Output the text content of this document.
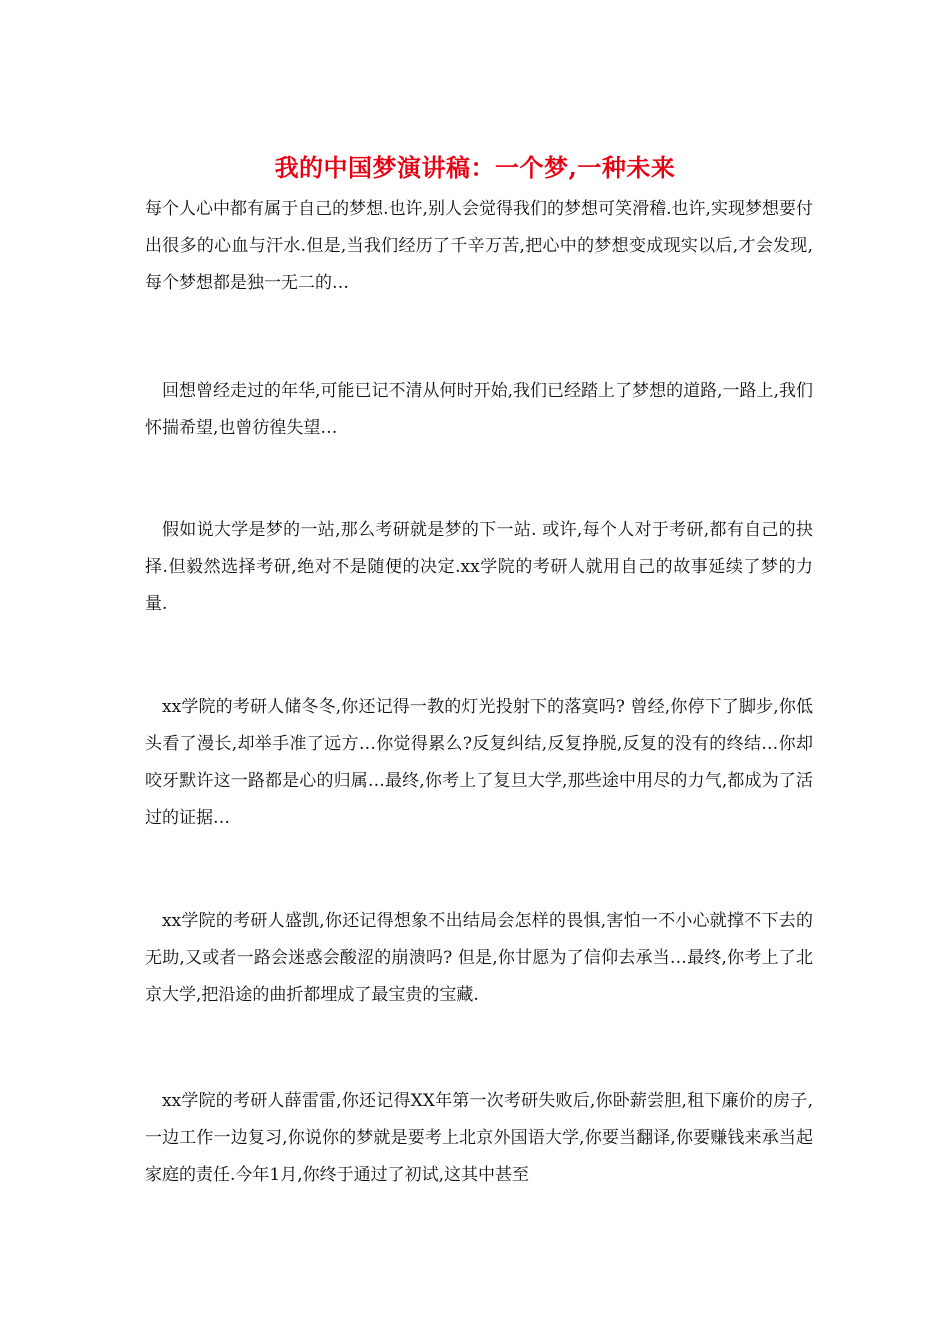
我的中国梦演讲稿：一个梦,一种未来

每个人心中都有属于自己的梦想.也许,别人会觉得我们的梦想可笑滑稽.也许,实现梦想要付出很多的心血与汗水.但是,当我们经历了千辛万苦,把心中的梦想变成现实以后,才会发现,每个梦想都是独一无二的…

回想曾经走过的年华,可能已记不清从何时开始,我们已经踏上了梦想的道路,一路上,我们怀揣希望,也曾彷徨失望…

假如说大学是梦的一站,那么考研就是梦的下一站. 或许,每个人对于考研,都有自己的抉择.但毅然选择考研,绝对不是随便的决定.xx学院的考研人就用自己的故事延续了梦的力量.

xx学院的考研人储冬冬,你还记得一教的灯光投射下的落寞吗? 曾经,你停下了脚步,你低头看了漫长,却举手准了远方…你觉得累么?反复纠结,反复挣脱,反复的没有的终结…你却咬牙默许这一路都是心的归属…最终,你考上了复旦大学,那些途中用尽的力气,都成为了活过的证据…

xx学院的考研人盛凯,你还记得想象不出结局会怎样的畏惧,害怕一不小心就撑不下去的无助,又或者一路会迷惑会酸涩的崩溃吗? 但是,你甘愿为了信仰去承当…最终,你考上了北京大学,把沿途的曲折都埋成了最宝贵的宝藏.

xx学院的考研人薛雷雷,你还记得XX年第一次考研失败后,你卧薪尝胆,租下廉价的房子,一边工作一边复习,你说你的梦就是要考上北京外国语大学,你要当翻译,你要赚钱来承当起家庭的责任.今年1月,你终于通过了初试,这其中甚至
